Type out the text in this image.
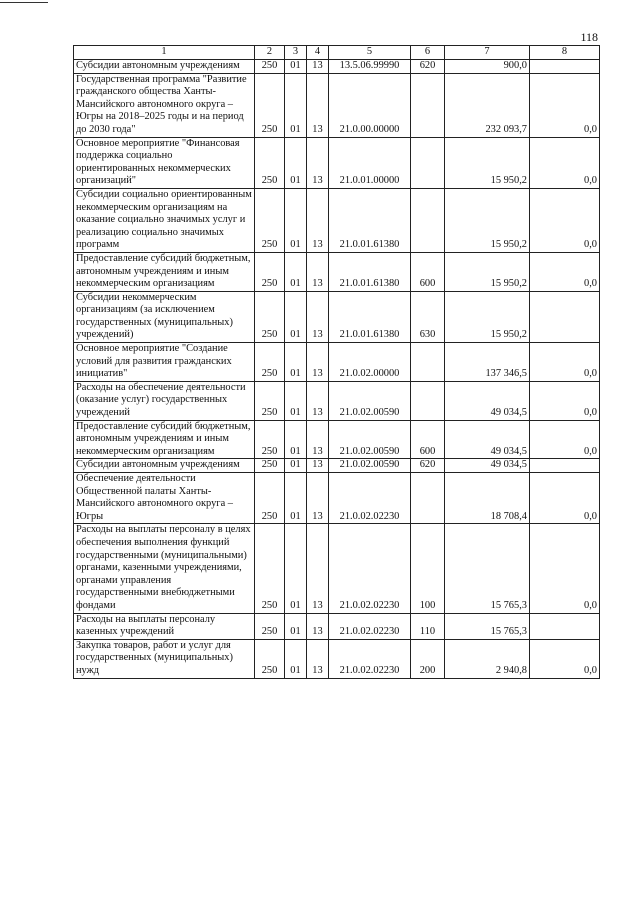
118
1	2	3	4	5	6	7	8
Субсидии автономным учреждениям	250	01	13	13.5.06.99990	620	900,0	
Государственная программа "Развитие гражданского общества Ханты-Мансийского автономного округа – Югры на 2018–2025 годы и на период до 2030 года"	250	01	13	21.0.00.00000		232 093,7	0,0
Основное мероприятие "Финансовая поддержка социально ориентированных некоммерческих организаций"	250	01	13	21.0.01.00000		15 950,2	0,0
Субсидии социально ориентированным некоммерческим организациям на оказание социально значимых услуг и реализацию социально значимых программ	250	01	13	21.0.01.61380		15 950,2	0,0
Предоставление субсидий бюджетным, автономным учреждениям и иным некоммерческим организациям	250	01	13	21.0.01.61380	600	15 950,2	0,0
Субсидии некоммерческим организациям (за исключением государственных (муниципальных) учреждений)	250	01	13	21.0.01.61380	630	15 950,2	
Основное мероприятие "Создание условий для развития гражданских инициатив"	250	01	13	21.0.02.00000		137 346,5	0,0
Расходы на обеспечение деятельности (оказание услуг) государственных учреждений	250	01	13	21.0.02.00590		49 034,5	0,0
Предоставление субсидий бюджетным, автономным учреждениям и иным некоммерческим организациям	250	01	13	21.0.02.00590	600	49 034,5	0,0
Субсидии автономным учреждениям	250	01	13	21.0.02.00590	620	49 034,5	
Обеспечение деятельности Общественной палаты Ханты-Мансийского автономного округа – Югры	250	01	13	21.0.02.02230		18 708,4	0,0
Расходы на выплаты персоналу в целях обеспечения выполнения функций государственными (муниципальными) органами, казенными учреждениями, органами управления государственными внебюджетными фондами	250	01	13	21.0.02.02230	100	15 765,3	0,0
Расходы на выплаты персоналу казенных учреждений	250	01	13	21.0.02.02230	110	15 765,3	
Закупка товаров, работ и услуг для государственных (муниципальных) нужд	250	01	13	21.0.02.02230	200	2 940,8	0,0
